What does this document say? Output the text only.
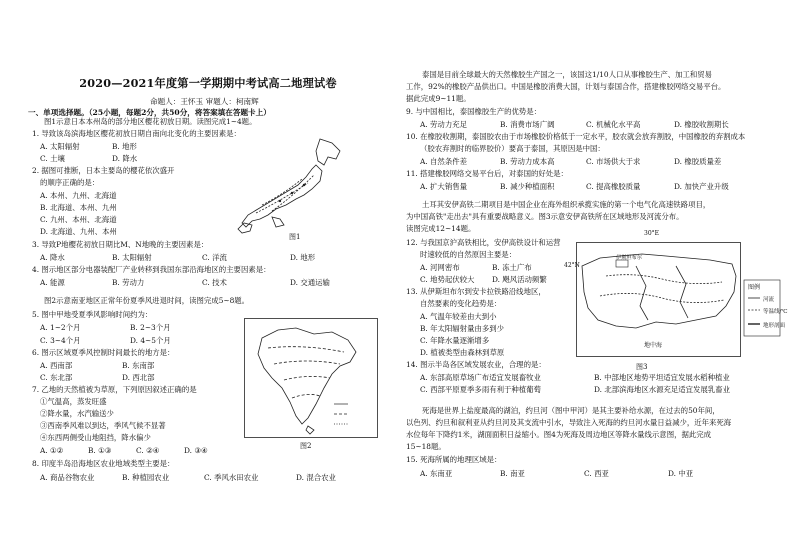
2020—2021年度第一学期期中考试高二地理试卷
命题人：王怀玉 审题人：柯南辉
一、单项选择题。（25小题，每题2分，共50分，将答案填在答题卡上）
图1示意日本本州岛的部分地区樱花初放日期。读图完成1~4题。
1. 导致该岛滨海地区樱花初放日期自南向北变化的主要因素是：
A. 太阳辐射	B. 地形
C. 土壤	D. 降水
2. 据图可推断，日本主要岛的樱花依次盛开
的顺序正确的是：
A. 本州、九州、北海道
B. 北海道、本州、九州
C. 九州、本州、北海道
D. 北海道、九州、本州
3. 导致P地樱花初放日期比M、N地晚的主要因素是：
A. 降水	B. 太阳辐射	C. 洋流	D. 地形
4. 图示地区部分电器装配厂产业转移到我国东部沿海地区的主要因素是：
A. 能源	B. 劳动力	C. 技术	D. 交通运输
图2示意南亚地区正常年份夏季风进退时间，读图完成5~8题。
5. 图中甲地受夏季风影响时间约为：
A. 1~2个月	B. 2~3个月
C. 3~4个月	D. 4~5个月
6. 图示区域夏季风控制时间最长的地方是：
A. 西南部	B. 东南部
C. 东北部	D. 西北部
7. 乙地的天然植被为草原，下列原因叙述正确的是
①气温高，蒸发旺盛
②降水量，水汽输送少
③西南季风难以到达，季风气候不显著
④东西两侧受山地阻挡，降水偏少
A. ①②	B. ①③	C. ②④	D. ③④
8. 印度半岛沿海地区农业地域类型主要是：
A. 商品谷物农业	B. 种植园农业	C. 季风水田农业	D. 混合农业
图1
图2
泰国是目前全球最大的天然橡胶生产国之一，该国这1/10人口从事橡胶生产、加工和贸易
工作，92%的橡胶产品供出口。中国是橡胶消费大国，计划与泰国合作，搭建橡胶网络交易平台。
据此完成9~11题。
9. 与中国相比，泰国橡胶生产的优势是：
A. 劳动力充足	B. 消费市场广阔	C. 机械化水平高	D. 橡胶收割期长
10. 在橡胶收割期，泰国胶农由于市场橡胶价格低于一定水平，胶农就会放弃割胶，中国橡胶的弃割成本
（胶农弃割时的临界胶价）要高于泰国，其原因是中国：
A. 自然条件差	B. 劳动力成本高	C. 市场供大于求	D. 橡胶质量差
11. 搭建橡胶网络交易平台后，对泰国的好处是：
A. 扩大销售量	B. 减少种植面积	C. 提高橡胶质量	D. 加快产业升级
土耳其安伊高铁二期项目是中国企业在海外组织承揽实施的第一个电气化高速铁路项目，
为中国高铁"走出去"具有重要战略意义。图3示意安伊高铁所在区域地形及河流分布。
读图完成12~14题。
12. 与我国京沪高铁相比，安伊高铁设计和运营
时速较低的自然原因主要是：
A. 河网密布	B. 冻土广布
C. 地势起伏较大 D. 飓风活动频繁
13. 从伊斯坦布尔到安卡拉铁路沿线地区，
自然要素的变化趋势是：
A. 气温年较差由大到小
B. 年太阳辐射量由多到少
C. 年降水量逐渐增多
D. 植被类型由森林到草原
14. 图示半岛各区域发展农业，合理的是：
A. 东部高原草场广布适宜发展畜牧业	B. 中部地区地势平坦适宜发展水稻种植业
C. 西部平原夏季多雨有利于种植葡萄	D. 北部滨海地区水源充足适宜发展乳畜业
死海是世界上盐度最高的湖泊，约旦河（图中甲河）是其主要补给水源，在过去的50年间，
以色列、约旦和叙利亚从约旦河及其支流中引水，导致注入死海的约旦河水量日益减少，近年来死海
水位每年下降约1米，湖面面积日益缩小。图4为死海及周边地区等降水量线示意图，据此完成
15~18题。
15. 死海所属的地理区域是：
A. 东南亚	B. 南亚	C. 西亚	D. 中亚
30°E
42°N
伊斯坦布尔
地中海
图例
河流
等温线/℃
地形剖面
图3
